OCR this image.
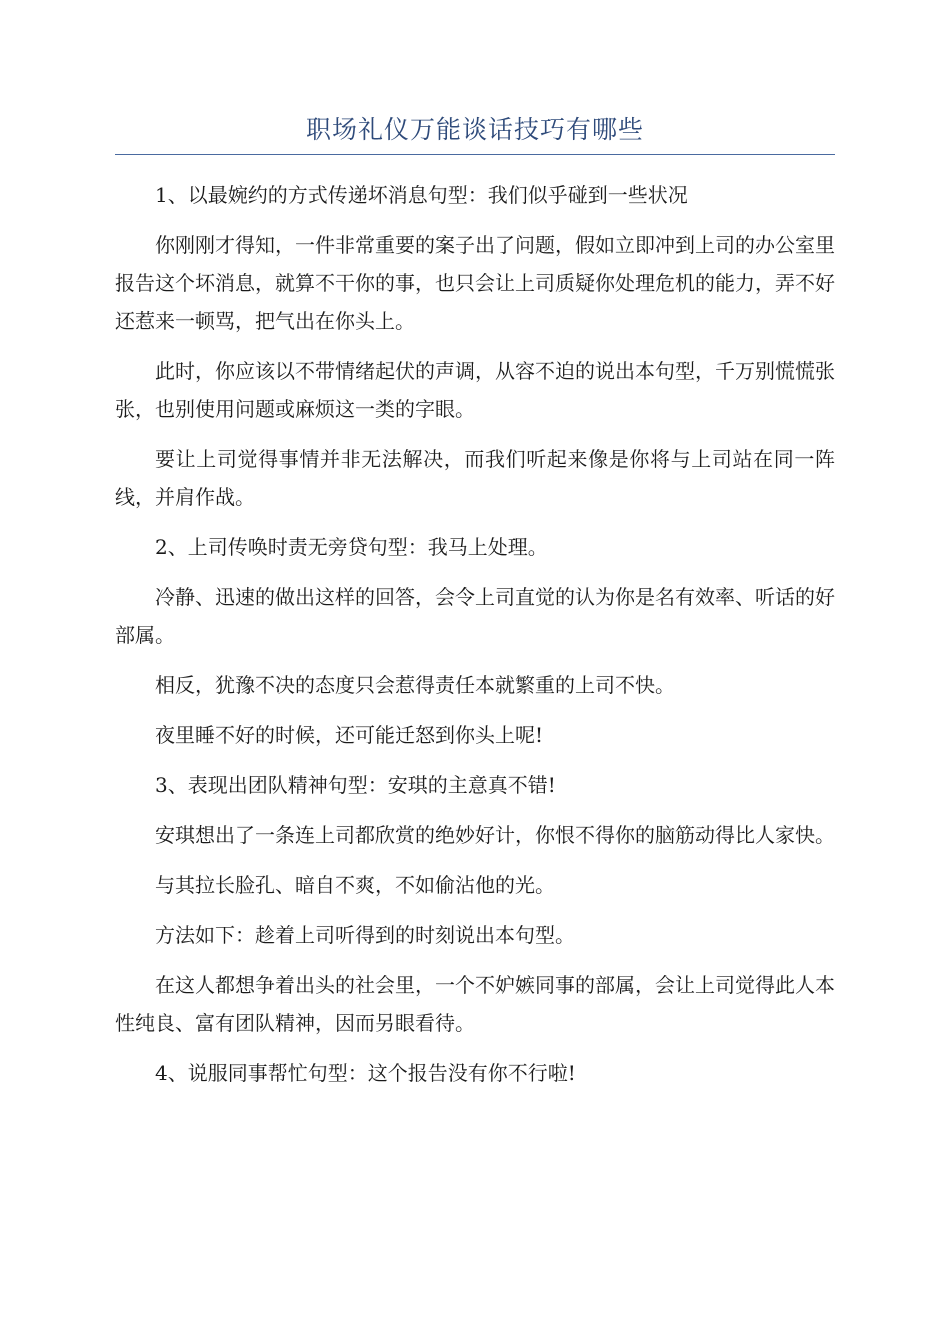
职场礼仪万能谈话技巧有哪些

1、以最婉约的方式传递坏消息句型：我们似乎碰到一些状况

你刚刚才得知，一件非常重要的案子出了问题，假如立即冲到上司的办公室里报告这个坏消息，就算不干你的事，也只会让上司质疑你处理危机的能力，弄不好还惹来一顿骂，把气出在你头上。

此时，你应该以不带情绪起伏的声调，从容不迫的说出本句型，千万别慌慌张张，也别使用问题或麻烦这一类的字眼。

要让上司觉得事情并非无法解决，而我们听起来像是你将与上司站在同一阵线，并肩作战。

2、上司传唤时责无旁贷句型：我马上处理。

冷静、迅速的做出这样的回答，会令上司直觉的认为你是名有效率、听话的好部属。

相反，犹豫不决的态度只会惹得责任本就繁重的上司不快。

夜里睡不好的时候，还可能迁怒到你头上呢!

3、表现出团队精神句型：安琪的主意真不错!

安琪想出了一条连上司都欣赏的绝妙好计，你恨不得你的脑筋动得比人家快。

与其拉长脸孔、暗自不爽，不如偷沾他的光。

方法如下：趁着上司听得到的时刻说出本句型。

在这人都想争着出头的社会里，一个不妒嫉同事的部属，会让上司觉得此人本性纯良、富有团队精神，因而另眼看待。

4、说服同事帮忙句型：这个报告没有你不行啦!
